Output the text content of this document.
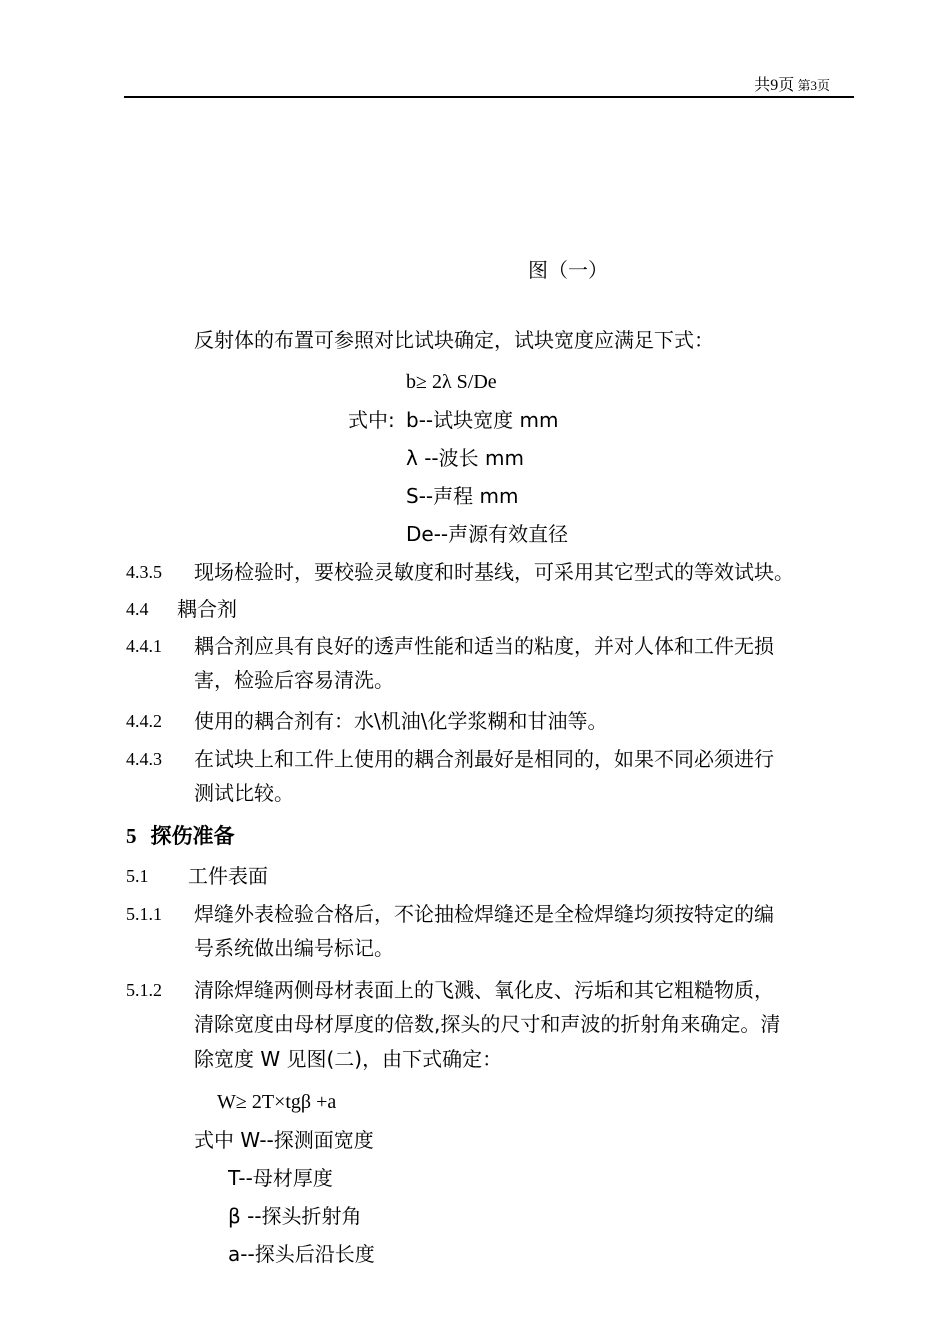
共9页 第3页
图（一）
反射体的布置可参照对比试块确定，试块宽度应满足下式：
b≥ 2λ S/De
式中: b--试块宽度 mm
λ --波长 mm
S--声程 mm
De--声源有效直径
4.3.5 现场检验时，要校验灵敏度和时基线，可采用其它型式的等效试块。
4.4 耦合剂
4.4.1 耦合剂应具有良好的透声性能和适当的粘度，并对人体和工件无损
害，检验后容易清洗。
4.4.2 使用的耦合剂有：水\机油\化学浆糊和甘油等。
4.4.3 在试块上和工件上使用的耦合剂最好是相同的，如果不同必须进行
测试比较。
5 探伤准备
5.1 工件表面
5.1.1 焊缝外表检验合格后，不论抽检焊缝还是全检焊缝均须按特定的编
号系统做出编号标记。
5.1.2 清除焊缝两侧母材表面上的飞溅、氧化皮、污垢和其它粗糙物质，
清除宽度由母材厚度的倍数,探头的尺寸和声波的折射角来确定。清
除宽度 W 见图(二)，由下式确定：
W≥ 2T×tgβ +a
式中 W--探测面宽度
T--母材厚度
β --探头折射角
a--探头后沿长度
